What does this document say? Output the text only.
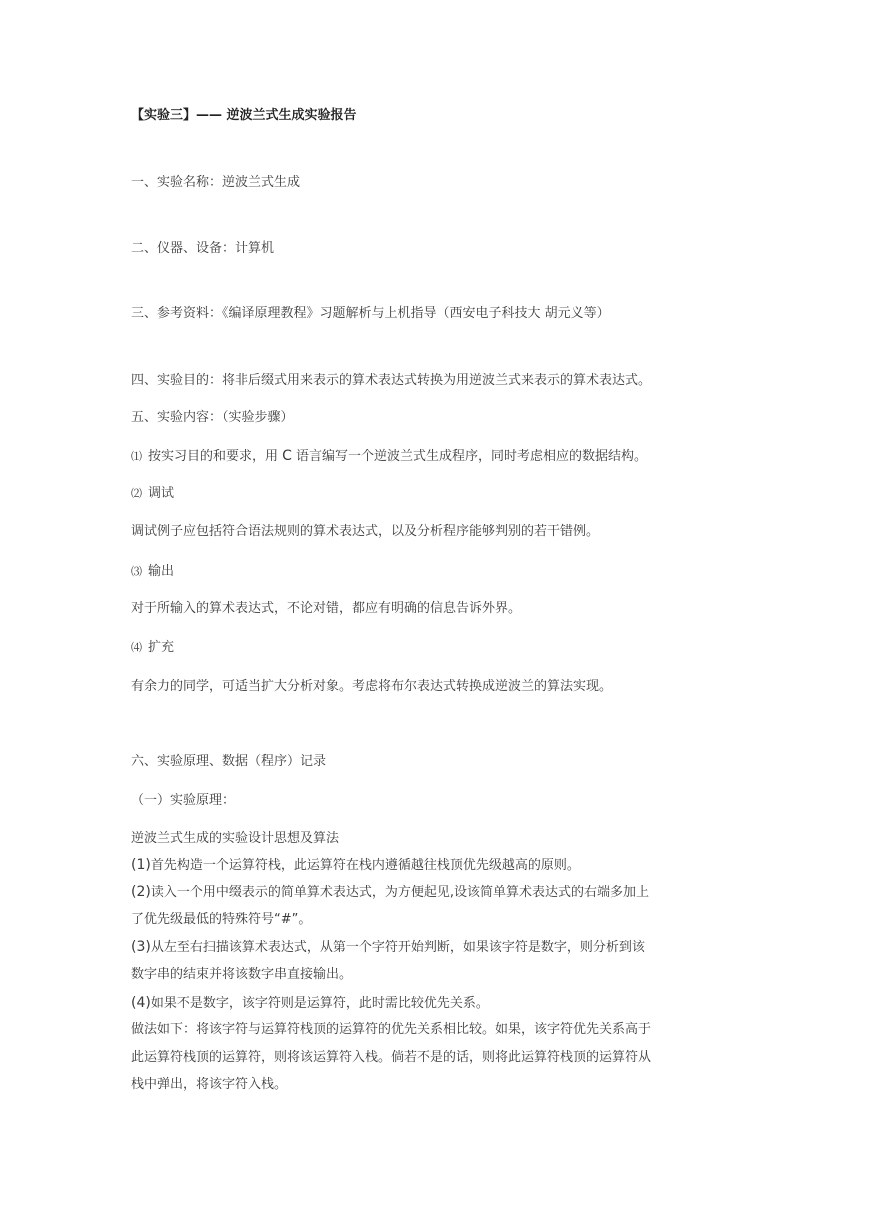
【实验三】—— 逆波兰式生成实验报告
一、实验名称：逆波兰式生成
二、仪器、设备：计算机
三、参考资料：《编译原理教程》习题解析与上机指导（西安电子科技大 胡元义等）
四、实验目的：将非后缀式用来表示的算术表达式转换为用逆波兰式来表示的算术表达式。
五、实验内容：（实验步骤）
⑴ 按实习目的和要求，用 C 语言编写一个逆波兰式生成程序，同时考虑相应的数据结构。
⑵ 调试
调试例子应包括符合语法规则的算术表达式，以及分析程序能够判别的若干错例。
⑶ 输出
对于所输入的算术表达式，不论对错，都应有明确的信息告诉外界。
⑷ 扩充
有余力的同学，可适当扩大分析对象。考虑将布尔表达式转换成逆波兰的算法实现。
六、实验原理、数据（程序）记录
（一）实验原理：
逆波兰式生成的实验设计思想及算法
(1)首先构造一个运算符栈，此运算符在栈内遵循越往栈顶优先级越高的原则。
(2)读入一个用中缀表示的简单算术表达式，为方便起见,设该简单算术表达式的右端多加上
了优先级最低的特殊符号“#”。
(3)从左至右扫描该算术表达式，从第一个字符开始判断，如果该字符是数字，则分析到该
数字串的结束并将该数字串直接输出。
(4)如果不是数字，该字符则是运算符，此时需比较优先关系。
做法如下：将该字符与运算符栈顶的运算符的优先关系相比较。如果，该字符优先关系高于
此运算符栈顶的运算符，则将该运算符入栈。倘若不是的话，则将此运算符栈顶的运算符从
栈中弹出，将该字符入栈。
